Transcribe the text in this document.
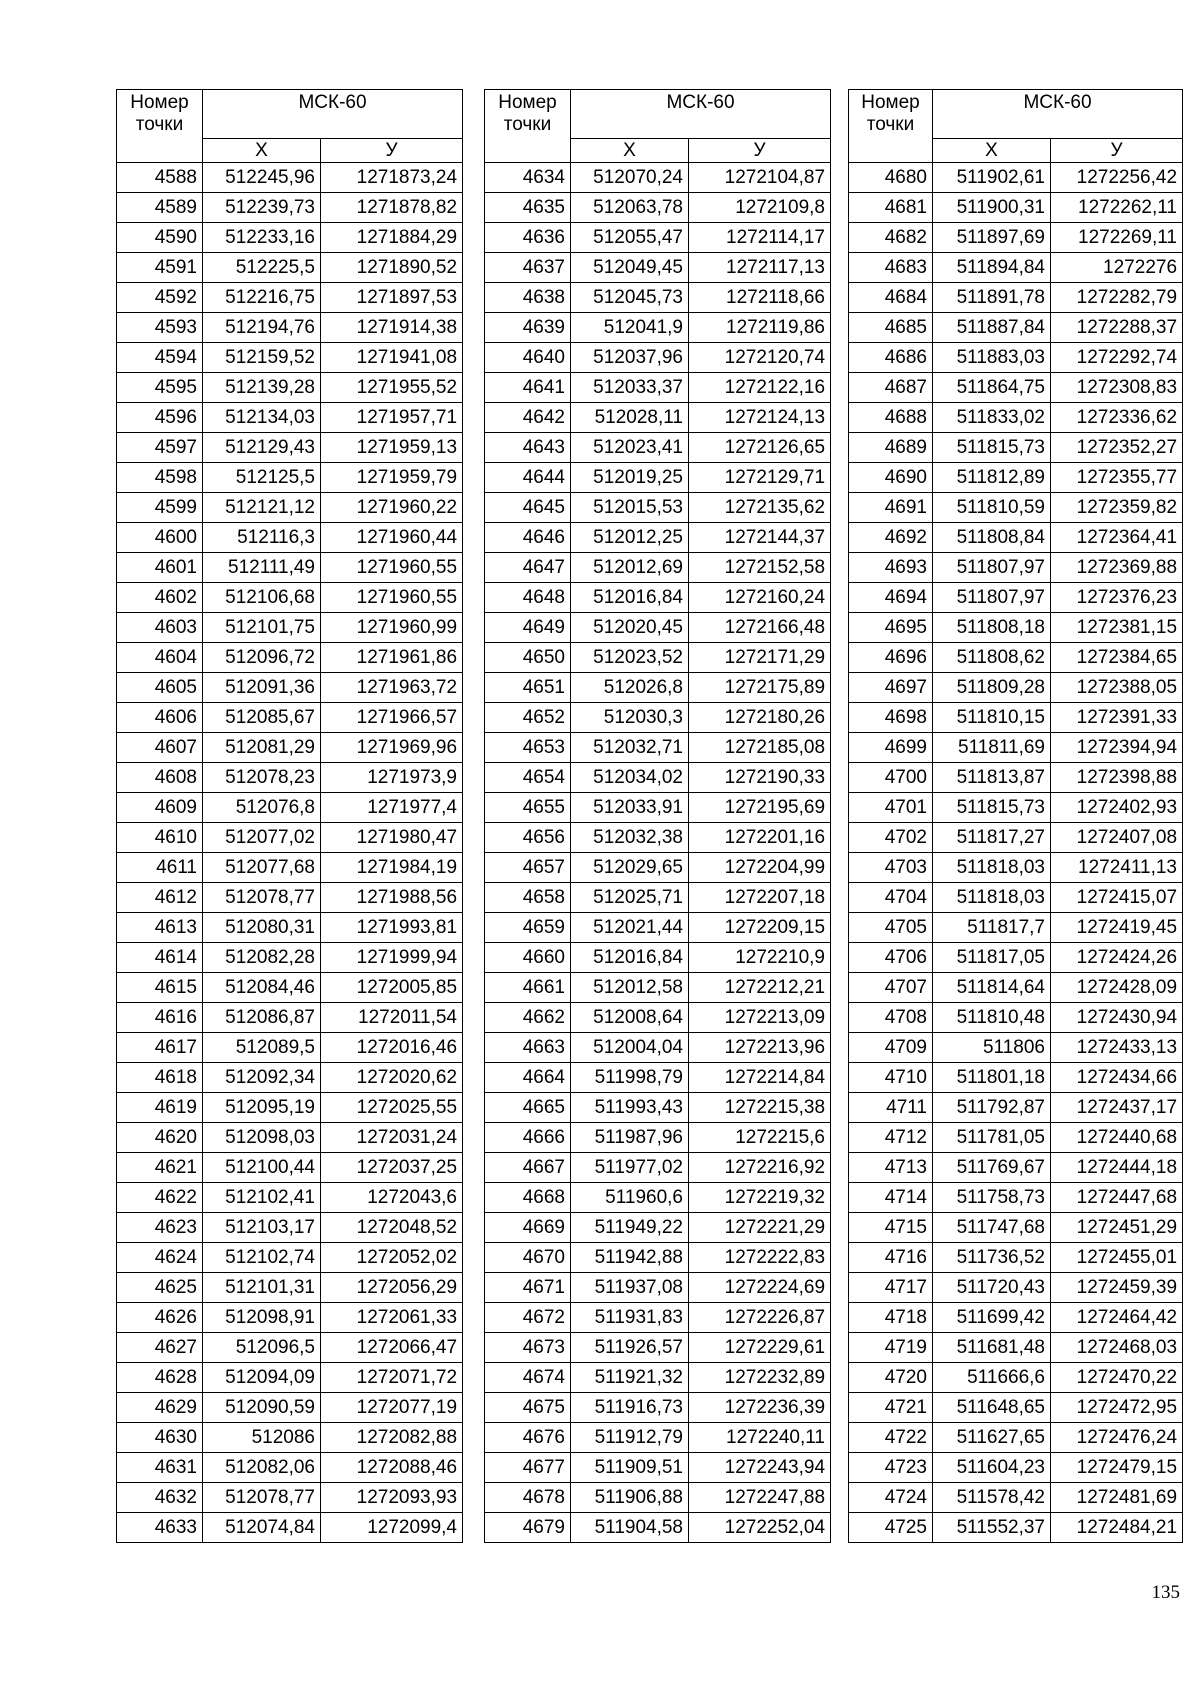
Номер
точки	МСК-60	
	Х	У
4588	512245,96	1271873,24
4589	512239,73	1271878,82
4590	512233,16	1271884,29
4591	512225,5	1271890,52
4592	512216,75	1271897,53
4593	512194,76	1271914,38
4594	512159,52	1271941,08
4595	512139,28	1271955,52
4596	512134,03	1271957,71
4597	512129,43	1271959,13
4598	512125,5	1271959,79
4599	512121,12	1271960,22
4600	512116,3	1271960,44
4601	512111,49	1271960,55
4602	512106,68	1271960,55
4603	512101,75	1271960,99
4604	512096,72	1271961,86
4605	512091,36	1271963,72
4606	512085,67	1271966,57
4607	512081,29	1271969,96
4608	512078,23	1271973,9
4609	512076,8	1271977,4
4610	512077,02	1271980,47
4611	512077,68	1271984,19
4612	512078,77	1271988,56
4613	512080,31	1271993,81
4614	512082,28	1271999,94
4615	512084,46	1272005,85
4616	512086,87	1272011,54
4617	512089,5	1272016,46
4618	512092,34	1272020,62
4619	512095,19	1272025,55
4620	512098,03	1272031,24
4621	512100,44	1272037,25
4622	512102,41	1272043,6
4623	512103,17	1272048,52
4624	512102,74	1272052,02
4625	512101,31	1272056,29
4626	512098,91	1272061,33
4627	512096,5	1272066,47
4628	512094,09	1272071,72
4629	512090,59	1272077,19
4630	512086	1272082,88
4631	512082,06	1272088,46
4632	512078,77	1272093,93
4633	512074,84	1272099,4
Номер
точки	МСК-60	
	Х	У
4634	512070,24	1272104,87
4635	512063,78	1272109,8
4636	512055,47	1272114,17
4637	512049,45	1272117,13
4638	512045,73	1272118,66
4639	512041,9	1272119,86
4640	512037,96	1272120,74
4641	512033,37	1272122,16
4642	512028,11	1272124,13
4643	512023,41	1272126,65
4644	512019,25	1272129,71
4645	512015,53	1272135,62
4646	512012,25	1272144,37
4647	512012,69	1272152,58
4648	512016,84	1272160,24
4649	512020,45	1272166,48
4650	512023,52	1272171,29
4651	512026,8	1272175,89
4652	512030,3	1272180,26
4653	512032,71	1272185,08
4654	512034,02	1272190,33
4655	512033,91	1272195,69
4656	512032,38	1272201,16
4657	512029,65	1272204,99
4658	512025,71	1272207,18
4659	512021,44	1272209,15
4660	512016,84	1272210,9
4661	512012,58	1272212,21
4662	512008,64	1272213,09
4663	512004,04	1272213,96
4664	511998,79	1272214,84
4665	511993,43	1272215,38
4666	511987,96	1272215,6
4667	511977,02	1272216,92
4668	511960,6	1272219,32
4669	511949,22	1272221,29
4670	511942,88	1272222,83
4671	511937,08	1272224,69
4672	511931,83	1272226,87
4673	511926,57	1272229,61
4674	511921,32	1272232,89
4675	511916,73	1272236,39
4676	511912,79	1272240,11
4677	511909,51	1272243,94
4678	511906,88	1272247,88
4679	511904,58	1272252,04
Номер
точки	МСК-60	
	Х	У
4680	511902,61	1272256,42
4681	511900,31	1272262,11
4682	511897,69	1272269,11
4683	511894,84	1272276
4684	511891,78	1272282,79
4685	511887,84	1272288,37
4686	511883,03	1272292,74
4687	511864,75	1272308,83
4688	511833,02	1272336,62
4689	511815,73	1272352,27
4690	511812,89	1272355,77
4691	511810,59	1272359,82
4692	511808,84	1272364,41
4693	511807,97	1272369,88
4694	511807,97	1272376,23
4695	511808,18	1272381,15
4696	511808,62	1272384,65
4697	511809,28	1272388,05
4698	511810,15	1272391,33
4699	511811,69	1272394,94
4700	511813,87	1272398,88
4701	511815,73	1272402,93
4702	511817,27	1272407,08
4703	511818,03	1272411,13
4704	511818,03	1272415,07
4705	511817,7	1272419,45
4706	511817,05	1272424,26
4707	511814,64	1272428,09
4708	511810,48	1272430,94
4709	511806	1272433,13
4710	511801,18	1272434,66
4711	511792,87	1272437,17
4712	511781,05	1272440,68
4713	511769,67	1272444,18
4714	511758,73	1272447,68
4715	511747,68	1272451,29
4716	511736,52	1272455,01
4717	511720,43	1272459,39
4718	511699,42	1272464,42
4719	511681,48	1272468,03
4720	511666,6	1272470,22
4721	511648,65	1272472,95
4722	511627,65	1272476,24
4723	511604,23	1272479,15
4724	511578,42	1272481,69
4725	511552,37	1272484,21
135
